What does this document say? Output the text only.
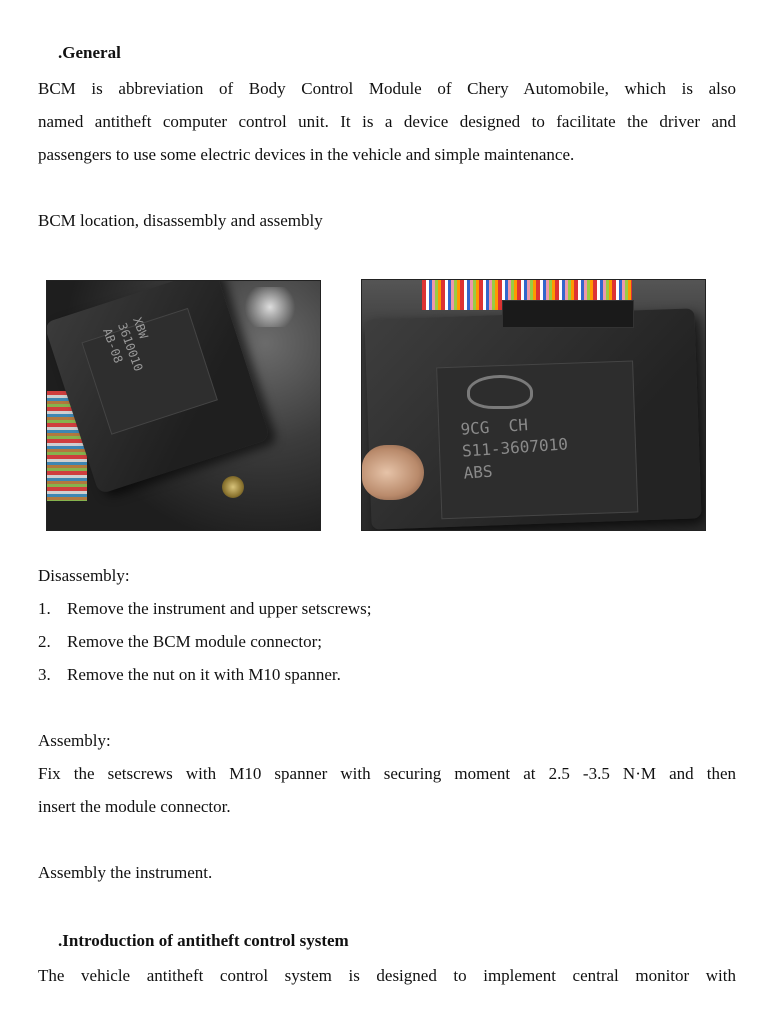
.General
BCM is abbreviation of Body Control Module of Chery Automobile, which is also
named antitheft computer control unit. It is a device designed to facilitate the driver and
passengers to use some electric devices in the vehicle and simple maintenance.
BCM location, disassembly and assembly
XBW
3610010
AB-08
9CG  CH
S11-3607010
ABS
Disassembly:
1. Remove the instrument and upper setscrews;
2. Remove the BCM module connector;
3. Remove the nut on it with M10 spanner.
Assembly:
Fix the setscrews with M10 spanner with securing moment at 2.5 -3.5 N·M and then
insert the module connector.
Assembly the instrument.
.Introduction of antitheft control system
The vehicle antitheft control system is designed to implement central monitor with
